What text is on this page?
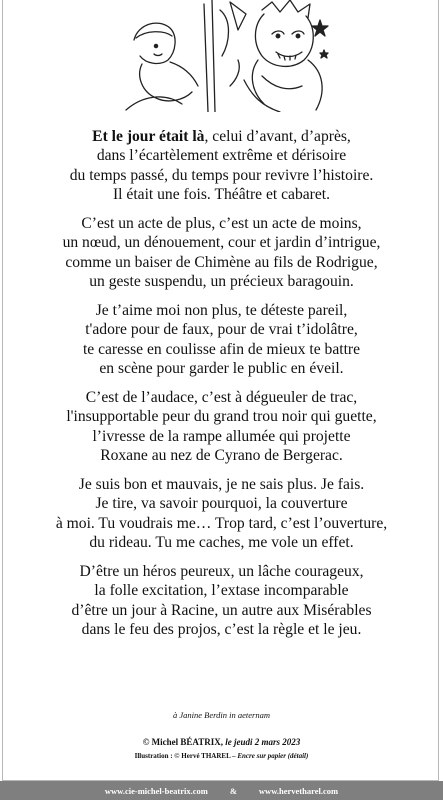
Et le jour était là, celui d’avant, d’après,
dans l’écartèlement extrême et dérisoire
du temps passé, du temps pour revivre l’histoire.
Il était une fois. Théâtre et cabaret.
C’est un acte de plus, c’est un acte de moins,
un nœud, un dénouement, cour et jardin d’intrigue,
comme un baiser de Chimène au fils de Rodrigue,
un geste suspendu, un précieux baragouin.
Je t’aime moi non plus, te déteste pareil,
t'adore pour de faux, pour de vrai t’idolâtre,
te caresse en coulisse afin de mieux te battre
en scène pour garder le public en éveil.
C’est de l’audace, c’est à dégueuler de trac,
l'insupportable peur du grand trou noir qui guette,
l’ivresse de la rampe allumée qui projette
Roxane au nez de Cyrano de Bergerac.
Je suis bon et mauvais, je ne sais plus. Je fais.
Je tire, va savoir pourquoi, la couverture
à moi. Tu voudrais me… Trop tard, c’est l’ouverture,
du rideau. Tu me caches, me vole un effet.
D’être un héros peureux, un lâche courageux,
la folle excitation, l’extase incomparable
d’être un jour à Racine, un autre aux Misérables
dans le feu des projos, c’est la règle et le jeu.
à Janine Berdin in aeternam
© Michel BÉATRIX, le jeudi 2 mars 2023
Illustration : © Hervé THAREL – Encre sur papier (détail)
www.cie-michel-beatrix.com	&	www.hervetharel.com
